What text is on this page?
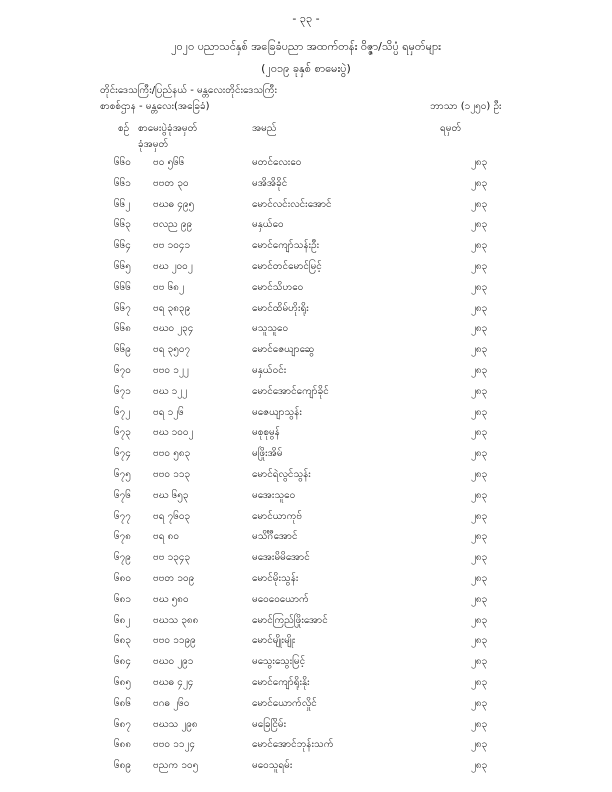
- ၃၃ -
၂၀၂၀ ပညာသင်နှစ် အခြေခံပညာ အထက်တန်း ဝိဇ္ဇာ/သိပ္ပံ ရမှတ်များ
(၂၀၁၉ ခုနှစ် စာမေးပွဲ)
တိုင်းဒေသကြီး/ပြည်နယ် - မန္တလေးတိုင်းဒေသကြီး
စာစစ်ဌာန - မန္တလေး(အခြေခံ)	ဘာသာ (၁၂၅၀) ဦး
စဉ် စာမေးပွဲခုံအမှတ်
ခုံအမှတ်
အမည်	ရမှတ်
၆၆၀ ဗဝ ၅၆၆	မတင်လေးဝေ	၂၈၃
၆၆၁ ဗဗတ ၃၀	မအိအိခိုင်	၂၈၃
၆၆၂ ဗဃဓ ၄၉၅	မောင်လင်းလင်းအောင်	၂၈၃
၆၆၃ ဗလည ၉၉	မနှယ်ဝေ	၂၈၃
၆၆၄ ဗဗ ၁၀၄၁	မောင်ကျော်သန်းဦး	၂၈၃
၆၆၅ ဗဃ ၂၀၀၂	မောင်တင်မောင်မြင့်	၂၈၃
၆၆၆ ဗဗ ၆၈၂	မောင်သိဟဝေ	၂၈၃
၆၆၇ ဗရ ၃၈၃၉	မောင်ထိမ်ဟိုးရိုး	၂၈၃
၆၆၈ ဗဃ၀ ၂၃၄	မသူသူဝေ	၂၈၃
၆၆၉ ဗရ ၃၅၀၇	မောင်ဇေယျာဆွေ	၂၈၃
၆၇၀ ဗဗ၀ ၁၂၂	မနှယ်ဝင်း	၂၈၃
၆၇၁ ဗဃ ၁၂၂	မောင်အောင်ကျော်ခိုင်	၂၈၃
၆၇၂ ဗရ ၁၂၆	မဇေယျာသွန်း	၂၈၃
၆၇၃ ဗဃ ၁၀၀၂	မစုစုမွန်	၂၈၃
၆၇၄ ဗဗ၀ ၅၈၃	မဖြိုးအိမ်	၂၈၃
၆၇၅ ဗဗ၀ ၁၁၃	မောင်ရဲလွင်သွန်း	၂၈၃
၆၇၆ ဗဃ ၆၅၃	မအေးသူဝေ	၂၈၃
၆၇၇ ဗရ ၇၆၀၃	မောင်ယာကုဗ်	၂၈၃
၆၇၈ ဗရ ၈၀	မသိင်္ဂီအောင်	၂၈၃
၆၇၉ ဗဗ ၁၃၄၃	မအေးမိမိအောင်	၂၈၃
၆၈၀ ဗဗတ ၁၀၉	မောင်မိုးသွန်း	၂၈၃
၆၈၁ ဗဃ ၅၈၀	မဝေဝေယောက်	၂၈၃
၆၈၂ ဗဃသ ၃၈၈	မောင်ကြည်ဖြိုးအောင်	၂၈၃
၆၈၃ ဗဗ၀ ၁၁၉၉	မောင်မျိုးမျိုး	၂၈၃
၆၈၄ ဗဃ၀ ၂၉၁	မသွေးသွေးမြင့်	၂၈၃
၆၈၅ ဗဃဓ ၄၂၄	မောင်ကျော်ရိုးနိုး	၂၈၃
၆၈၆ ဗဂဓ ၂၆၀	မောင်ယောက်လှိုင်	၂၈၃
၆၈၇ ဗဃသ ၂၉၈	မခြေငြိမ်း	၂၈၃
၆၈၈ ဗဗ၀ ၁၁၂၄	မောင်အောင်ဘုန်းသက်	၂၈၃
၆၈၉ ဗညက ၁၀၅	မဝေသူရမ်း	၂၈၃
